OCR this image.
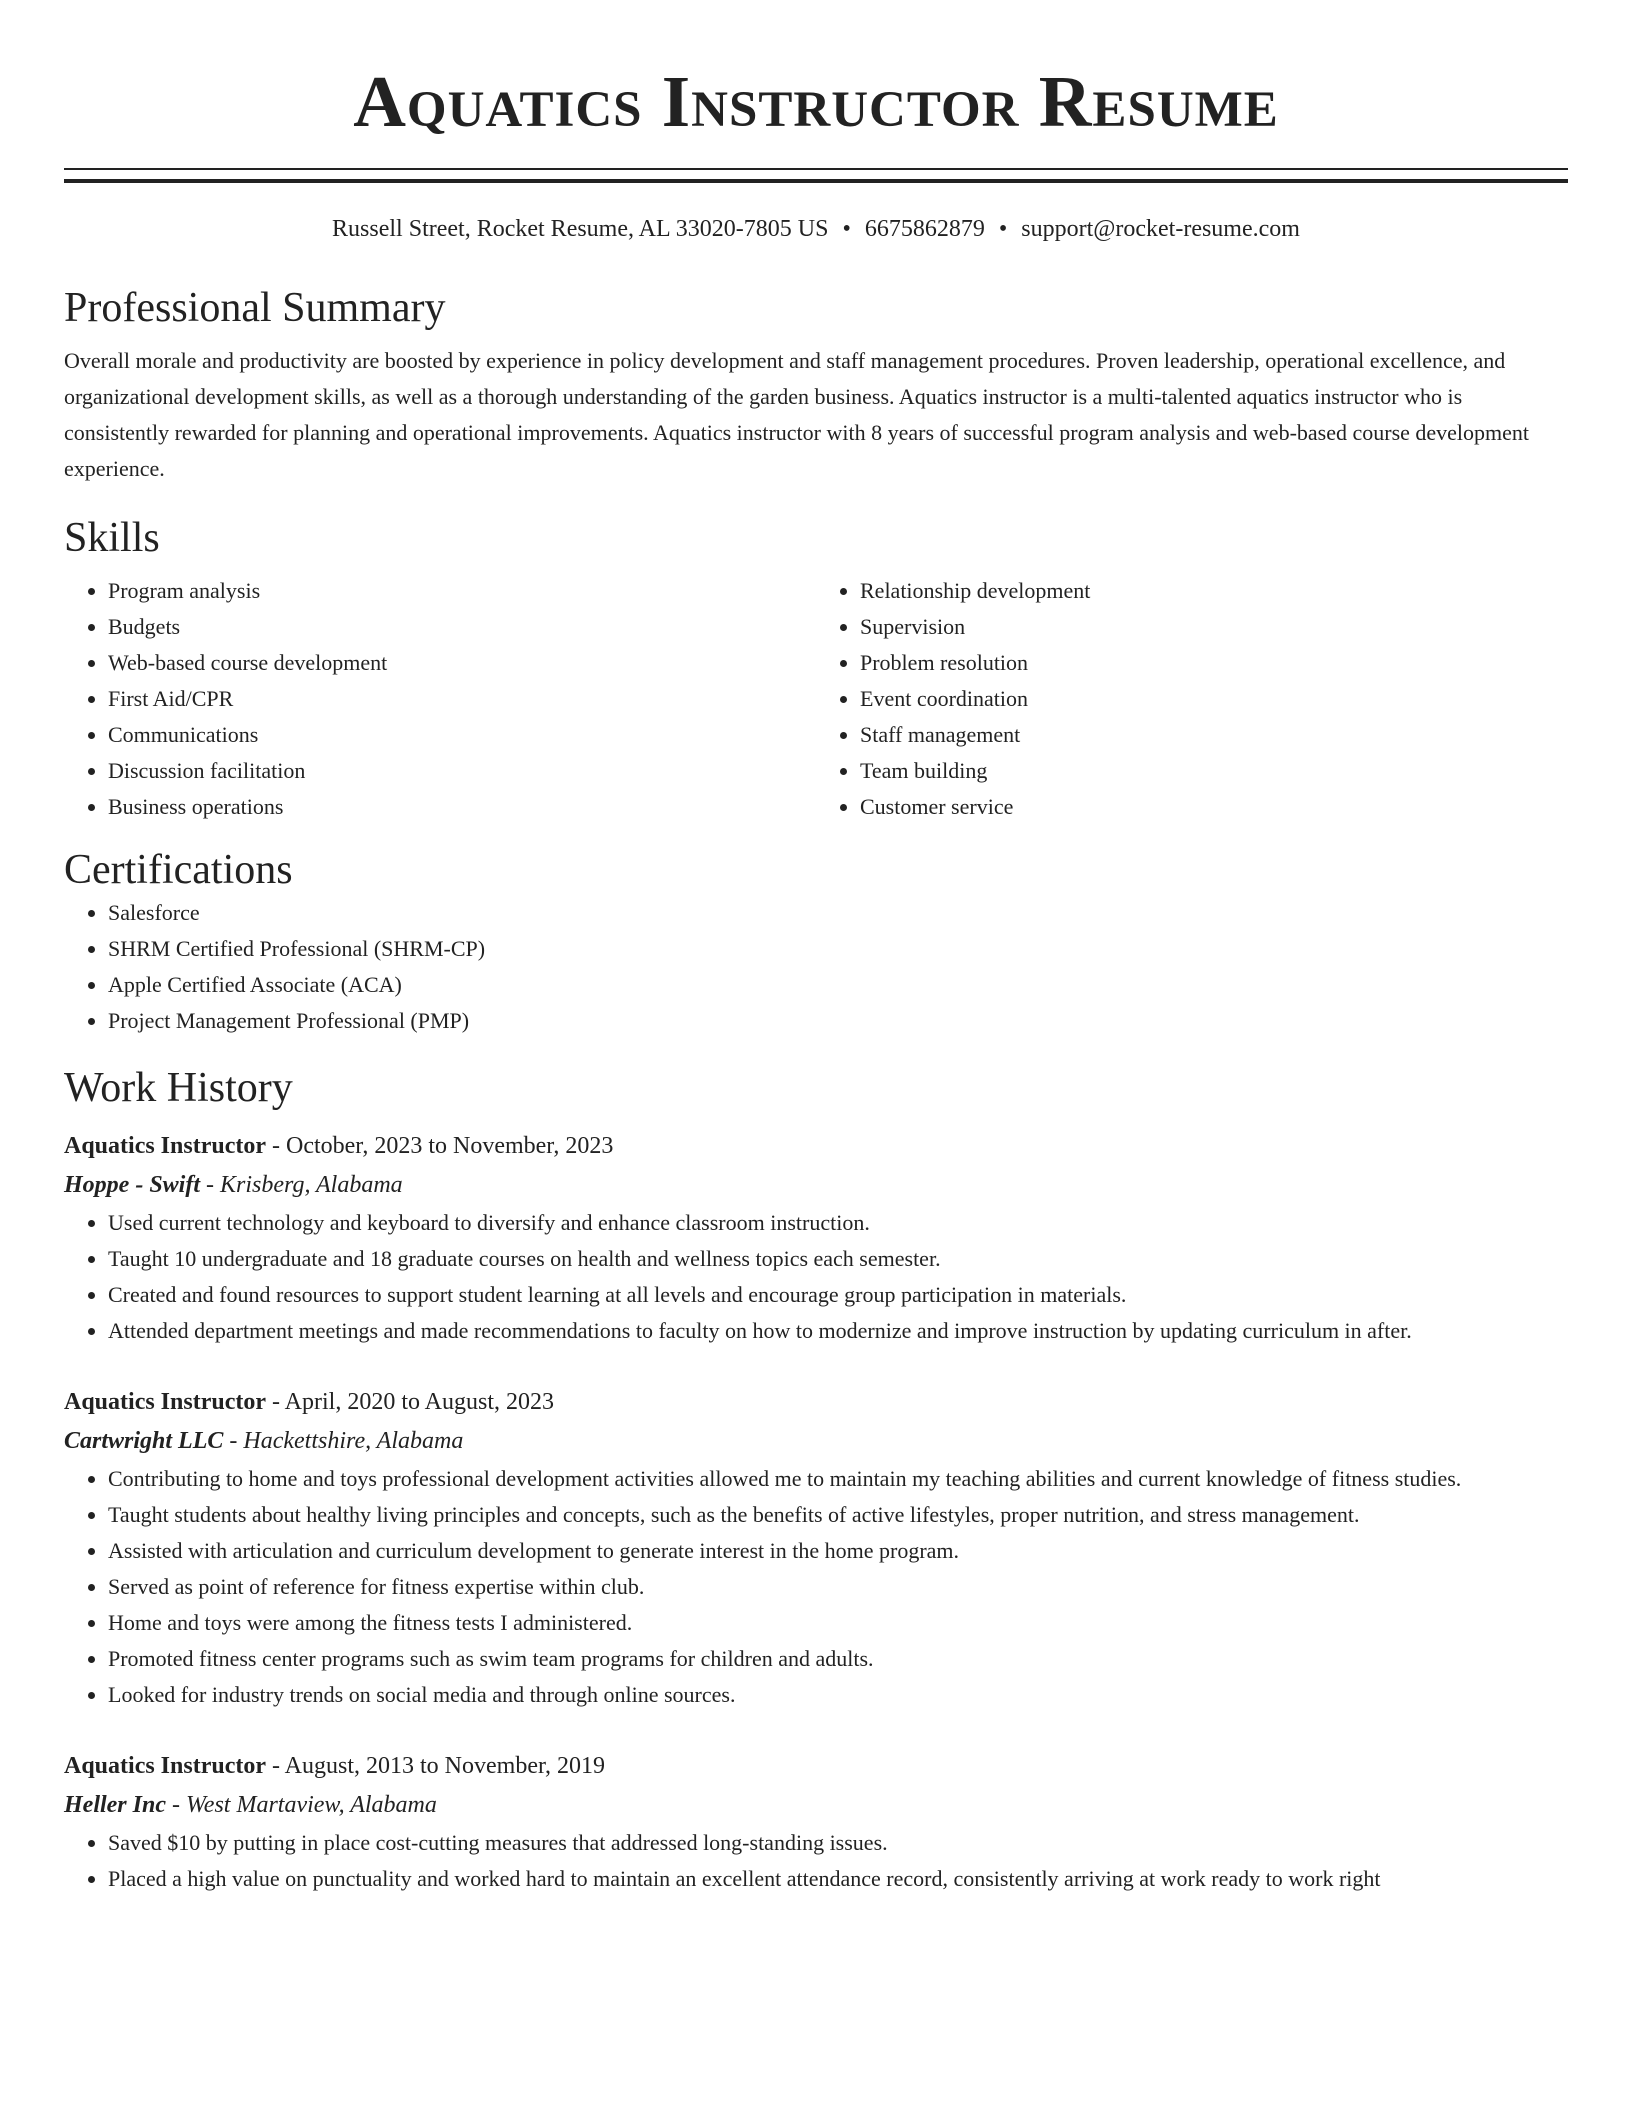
Aquatics Instructor Resume
Russell Street, Rocket Resume, AL 33020-7805 US • 6675862879 • support@rocket-resume.com
Professional Summary

Overall morale and productivity are boosted by experience in policy development and staff management procedures. Proven leadership, operational excellence, and organizational development skills, as well as a thorough understanding of the garden business. Aquatics instructor is a multi-talented aquatics instructor who is consistently rewarded for planning and operational improvements. Aquatics instructor with 8 years of successful program analysis and web-based course development experience.

Skills
• Program analysis
• Budgets
• Web-based course development
• First Aid/CPR
• Communications
• Discussion facilitation
• Business operations
• Relationship development
• Supervision
• Problem resolution
• Event coordination
• Staff management
• Team building
• Customer service
Certifications
• Salesforce
• SHRM Certified Professional (SHRM-CP)
• Apple Certified Associate (ACA)
• Project Management Professional (PMP)
Work History
Aquatics Instructor - October, 2023 to November, 2023
Hoppe - Swift - Krisberg, Alabama
• Used current technology and keyboard to diversify and enhance classroom instruction.
• Taught 10 undergraduate and 18 graduate courses on health and wellness topics each semester.
• Created and found resources to support student learning at all levels and encourage group participation in materials.
• Attended department meetings and made recommendations to faculty on how to modernize and improve instruction by updating curriculum in after.
Aquatics Instructor - April, 2020 to August, 2023
Cartwright LLC - Hackettshire, Alabama
• Contributing to home and toys professional development activities allowed me to maintain my teaching abilities and current knowledge of fitness studies.
• Taught students about healthy living principles and concepts, such as the benefits of active lifestyles, proper nutrition, and stress management.
• Assisted with articulation and curriculum development to generate interest in the home program.
• Served as point of reference for fitness expertise within club.
• Home and toys were among the fitness tests I administered.
• Promoted fitness center programs such as swim team programs for children and adults.
• Looked for industry trends on social media and through online sources.
Aquatics Instructor - August, 2013 to November, 2019
Heller Inc - West Martaview, Alabama
• Saved $10 by putting in place cost-cutting measures that addressed long-standing issues.
• Placed a high value on punctuality and worked hard to maintain an excellent attendance record, consistently arriving at work ready to work right
